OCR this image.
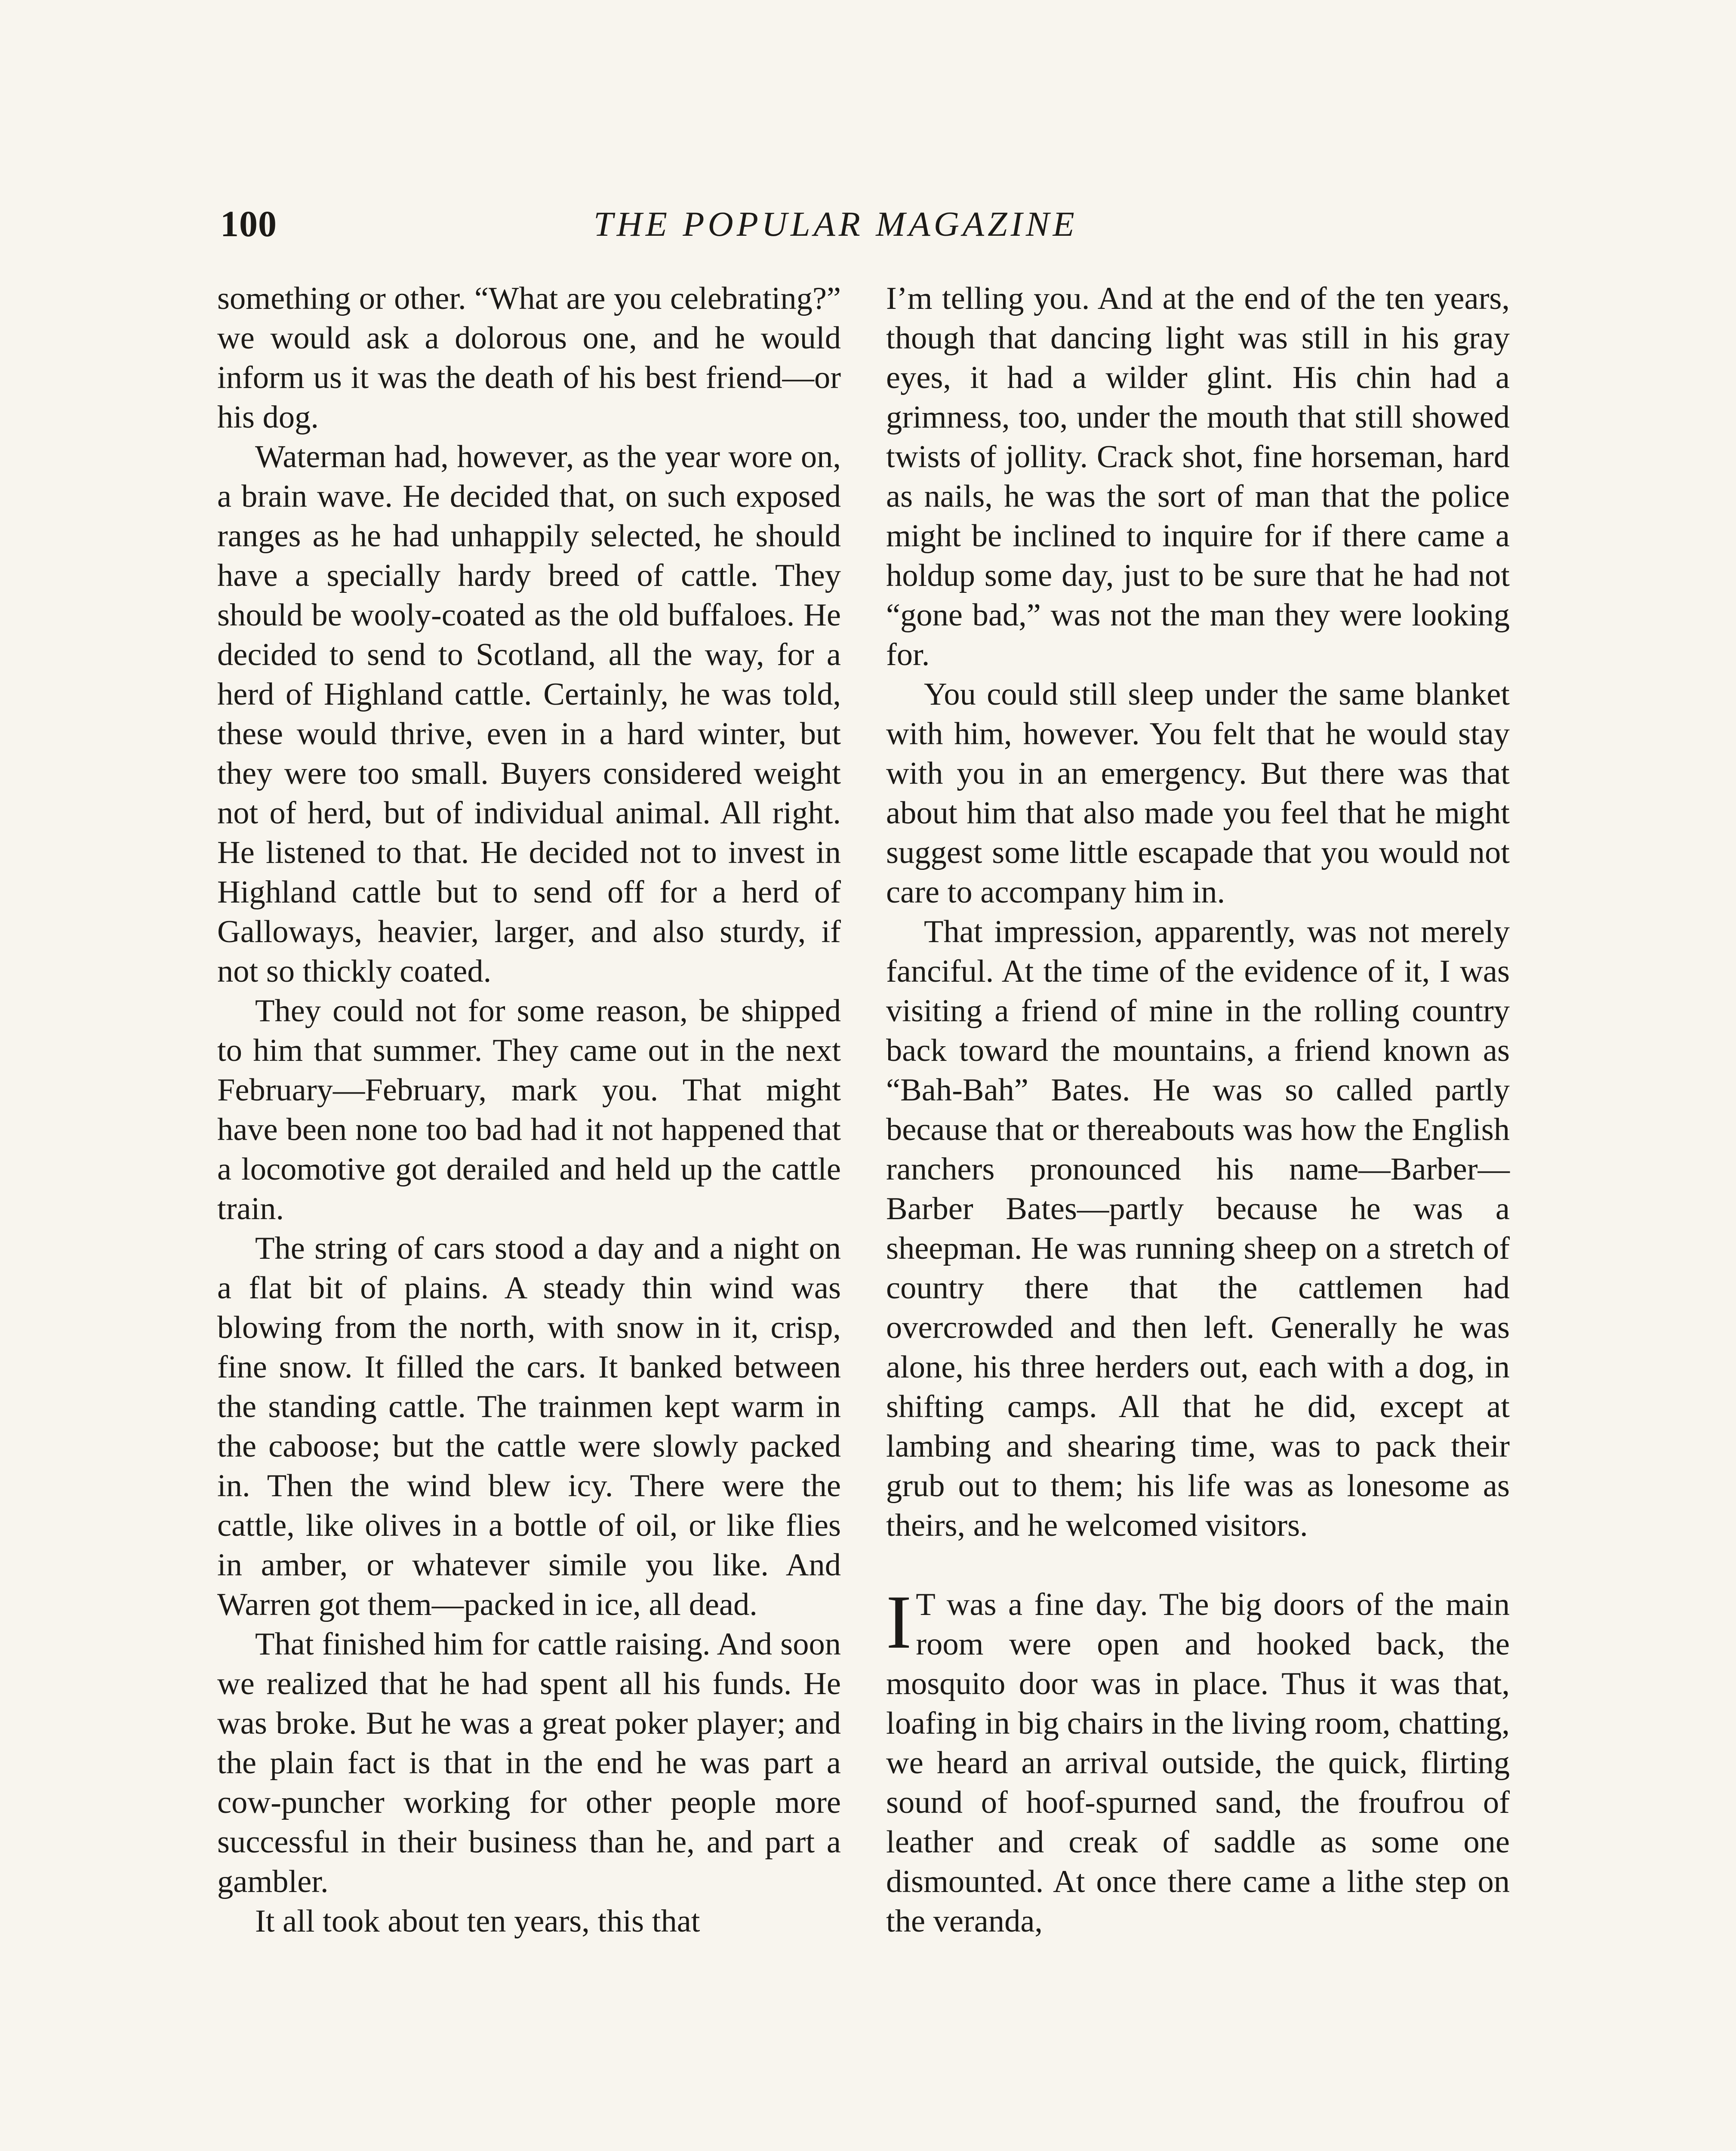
100	THE POPULAR MAGAZINE

something or other. “What are you celebrating?” we would ask a dolorous one, and he would inform us it was the death of his best friend—or his dog.

Waterman had, however, as the year wore on, a brain wave. He decided that, on such exposed ranges as he had unhappily selected, he should have a specially hardy breed of cattle. They should be wooly-coated as the old buffaloes. He decided to send to Scotland, all the way, for a herd of Highland cattle. Certainly, he was told, these would thrive, even in a hard winter, but they were too small. Buyers considered weight not of herd, but of individual animal. All right. He listened to that. He decided not to invest in Highland cattle but to send off for a herd of Galloways, heavier, larger, and also sturdy, if not so thickly coated.

They could not for some reason, be shipped to him that summer. They came out in the next February—February, mark you. That might have been none too bad had it not happened that a locomotive got derailed and held up the cattle train.

The string of cars stood a day and a night on a flat bit of plains. A steady thin wind was blowing from the north, with snow in it, crisp, fine snow. It filled the cars. It banked between the standing cattle. The trainmen kept warm in the caboose; but the cattle were slowly packed in. Then the wind blew icy. There were the cattle, like olives in a bottle of oil, or like flies in amber, or whatever simile you like. And Warren got them—packed in ice, all dead.

That finished him for cattle raising. And soon we realized that he had spent all his funds. He was broke. But he was a great poker player; and the plain fact is that in the end he was part a cow-puncher working for other people more successful in their business than he, and part a gambler.

It all took about ten years, this that

I’m telling you. And at the end of the ten years, though that dancing light was still in his gray eyes, it had a wilder glint. His chin had a grimness, too, under the mouth that still showed twists of jollity. Crack shot, fine horseman, hard as nails, he was the sort of man that the police might be inclined to inquire for if there came a holdup some day, just to be sure that he had not “gone bad,” was not the man they were looking for.

You could still sleep under the same blanket with him, however. You felt that he would stay with you in an emergency. But there was that about him that also made you feel that he might suggest some little escapade that you would not care to accompany him in.

That impression, apparently, was not merely fanciful. At the time of the evidence of it, I was visiting a friend of mine in the rolling country back toward the mountains, a friend known as “Bah-Bah” Bates. He was so called partly because that or thereabouts was how the English ranchers pronounced his name—Barber—Barber Bates—partly because he was a sheepman. He was running sheep on a stretch of country there that the cattlemen had overcrowded and then left. Generally he was alone, his three herders out, each with a dog, in shifting camps. All that he did, except at lambing and shearing time, was to pack their grub out to them; his life was as lonesome as theirs, and he welcomed visitors.

I T was a fine day. The big doors of the main room were open and hooked back, the mosquito door was in place. Thus it was that, loafing in big chairs in the living room, chatting, we heard an arrival outside, the quick, flirting sound of hoof-spurned sand, the froufrou of leather and creak of saddle as some one dismounted. At once there came a lithe step on the veranda,
